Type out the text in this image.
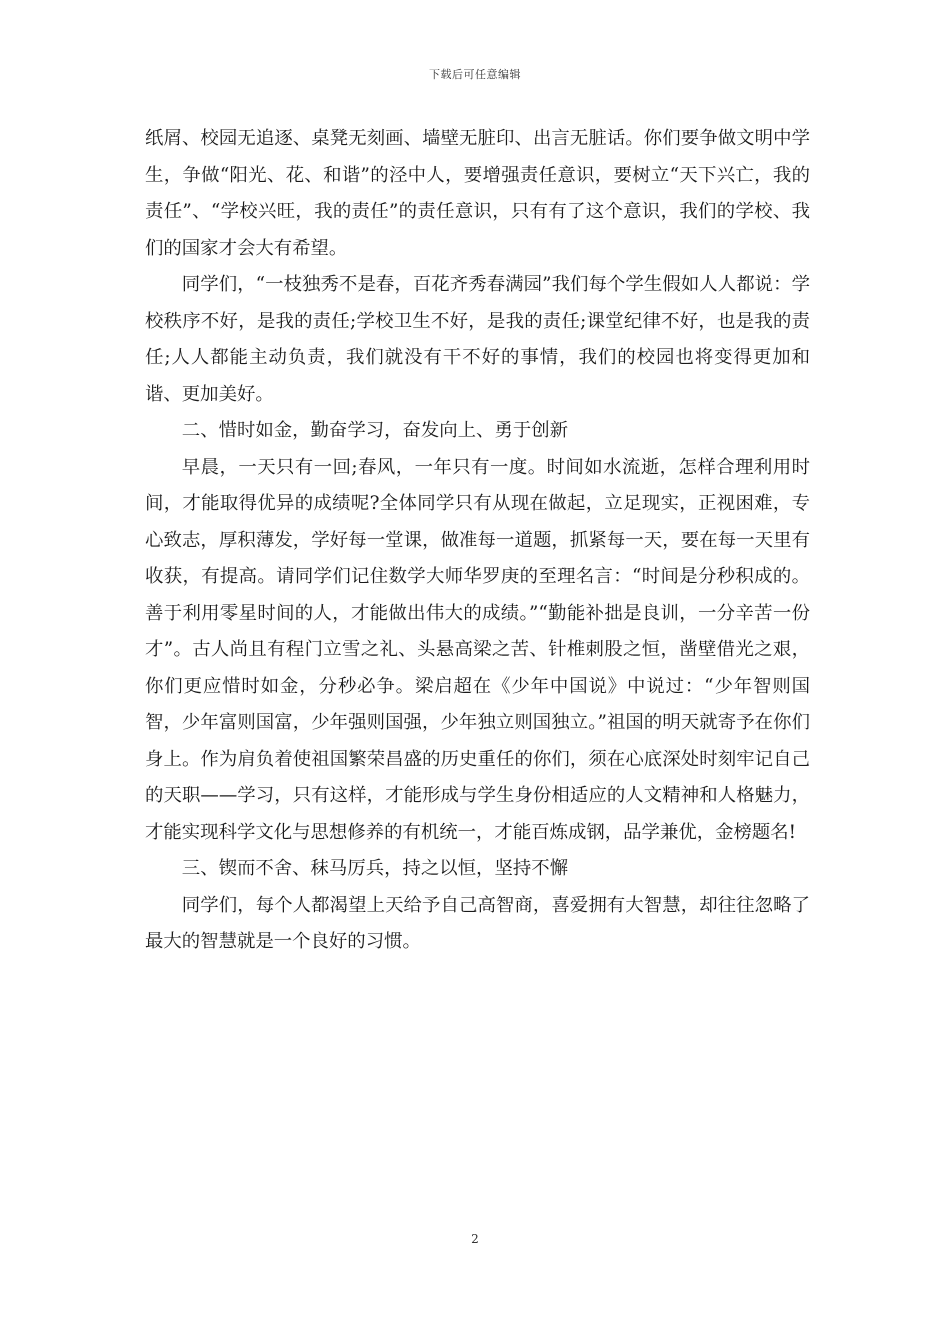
下载后可任意编辑

纸屑、校园无追逐、桌凳无刻画、墙壁无脏印、出言无脏话。你们要争做文明中学生，争做“阳光、花、和谐”的泾中人，要增强责任意识，要树立“天下兴亡，我的责任”、“学校兴旺，我的责任”的责任意识，只有有了这个意识，我们的学校、我们的国家才会大有希望。

同学们，“一枝独秀不是春，百花齐秀春满园”我们每个学生假如人人都说：学校秩序不好，是我的责任;学校卫生不好，是我的责任;课堂纪律不好，也是我的责任;人人都能主动负责，我们就没有干不好的事情，我们的校园也将变得更加和谐、更加美好。

二、惜时如金，勤奋学习，奋发向上、勇于创新

早晨，一天只有一回;春风，一年只有一度。时间如水流逝，怎样合理利用时间，才能取得优异的成绩呢?全体同学只有从现在做起，立足现实，正视困难，专心致志，厚积薄发，学好每一堂课，做准每一道题，抓紧每一天，要在每一天里有收获，有提高。请同学们记住数学大师华罗庚的至理名言：“时间是分秒积成的。善于利用零星时间的人，才能做出伟大的成绩。”“勤能补拙是良训，一分辛苦一份才”。古人尚且有程门立雪之礼、头悬高梁之苦、针椎刺股之恒，凿壁借光之艰，你们更应惜时如金，分秒必争。梁启超在《少年中国说》中说过：“少年智则国智，少年富则国富，少年强则国强，少年独立则国独立。”祖国的明天就寄予在你们身上。作为肩负着使祖国繁荣昌盛的历史重任的你们，须在心底深处时刻牢记自己的天职——学习，只有这样，才能形成与学生身份相适应的人文精神和人格魅力，才能实现科学文化与思想修养的有机统一，才能百炼成钢，品学兼优，金榜题名!

三、锲而不舍、秣马厉兵，持之以恒，坚持不懈

同学们，每个人都渴望上天给予自己高智商，喜爱拥有大智慧，却往往忽略了最大的智慧就是一个良好的习惯。

2
